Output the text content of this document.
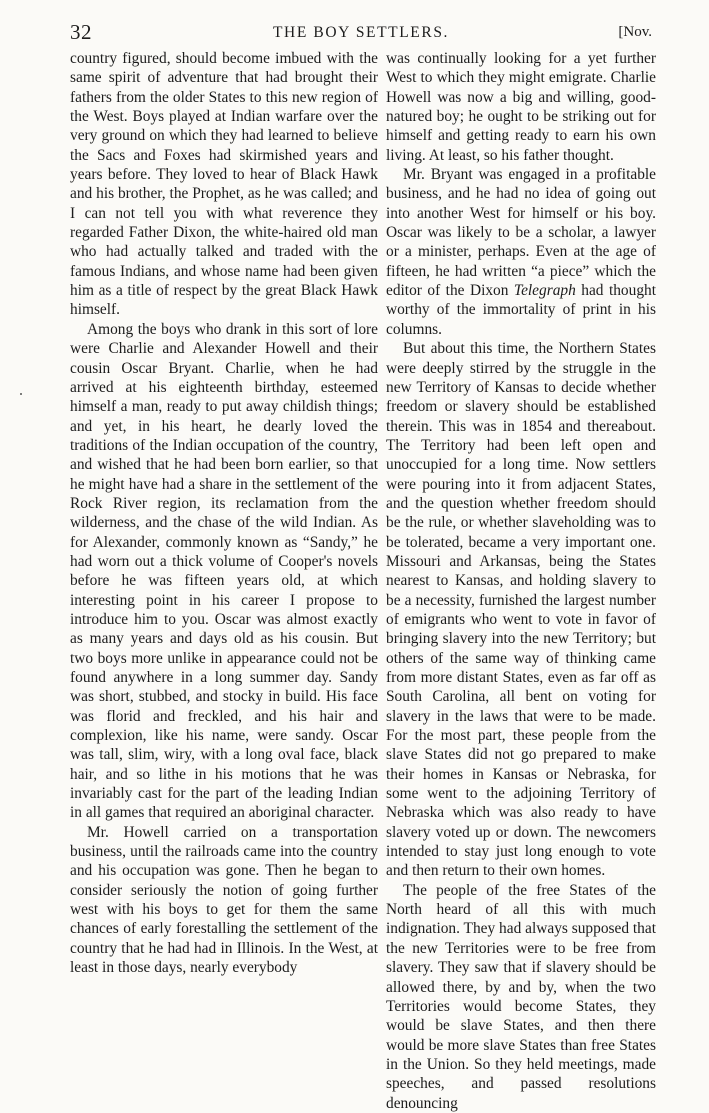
32	THE BOY SETTLERS.	[Nov.

country figured, should become imbued with the same spirit of adventure that had brought their fathers from the older States to this new region of the West. Boys played at Indian warfare over the very ground on which they had learned to believe the Sacs and Foxes had skirmished years and years before. They loved to hear of Black Hawk and his brother, the Prophet, as he was called; and I can not tell you with what reverence they regarded Father Dixon, the white-haired old man who had actually talked and traded with the famous Indians, and whose name had been given him as a title of respect by the great Black Hawk himself.

Among the boys who drank in this sort of lore were Charlie and Alexander Howell and their cousin Oscar Bryant. Charlie, when he had arrived at his eighteenth birthday, esteemed himself a man, ready to put away childish things; and yet, in his heart, he dearly loved the traditions of the Indian occupation of the country, and wished that he had been born earlier, so that he might have had a share in the settlement of the Rock River region, its reclamation from the wilderness, and the chase of the wild Indian. As for Alexander, commonly known as “Sandy,” he had worn out a thick volume of Cooper's novels before he was fifteen years old, at which interesting point in his career I propose to introduce him to you. Oscar was almost exactly as many years and days old as his cousin. But two boys more unlike in appearance could not be found anywhere in a long summer day. Sandy was short, stubbed, and stocky in build. His face was florid and freckled, and his hair and complexion, like his name, were sandy. Oscar was tall, slim, wiry, with a long oval face, black hair, and so lithe in his motions that he was invariably cast for the part of the leading Indian in all games that required an aboriginal character.

Mr. Howell carried on a transportation business, until the railroads came into the country and his occupation was gone. Then he began to consider seriously the notion of going further west with his boys to get for them the same chances of early forestalling the settlement of the country that he had had in Illinois. In the West, at least in those days, nearly everybody

was continually looking for a yet further West to which they might emigrate. Charlie Howell was now a big and willing, good-natured boy; he ought to be striking out for himself and getting ready to earn his own living. At least, so his father thought.

Mr. Bryant was engaged in a profitable business, and he had no idea of going out into another West for himself or his boy. Oscar was likely to be a scholar, a lawyer or a minister, perhaps. Even at the age of fifteen, he had written “a piece” which the editor of the Dixon Telegraph had thought worthy of the immortality of print in his columns.

But about this time, the Northern States were deeply stirred by the struggle in the new Territory of Kansas to decide whether freedom or slavery should be established therein. This was in 1854 and thereabout. The Territory had been left open and unoccupied for a long time. Now settlers were pouring into it from adjacent States, and the question whether freedom should be the rule, or whether slaveholding was to be tolerated, became a very important one. Missouri and Arkansas, being the States nearest to Kansas, and holding slavery to be a necessity, furnished the largest number of emigrants who went to vote in favor of bringing slavery into the new Territory; but others of the same way of thinking came from more distant States, even as far off as South Carolina, all bent on voting for slavery in the laws that were to be made. For the most part, these people from the slave States did not go prepared to make their homes in Kansas or Nebraska, for some went to the adjoining Territory of Nebraska which was also ready to have slavery voted up or down. The newcomers intended to stay just long enough to vote and then return to their own homes.

The people of the free States of the North heard of all this with much indignation. They had always supposed that the new Territories were to be free from slavery. They saw that if slavery should be allowed there, by and by, when the two Territories would become States, they would be slave States, and then there would be more slave States than free States in the Union. So they held meetings, made speeches, and passed resolutions denouncing
